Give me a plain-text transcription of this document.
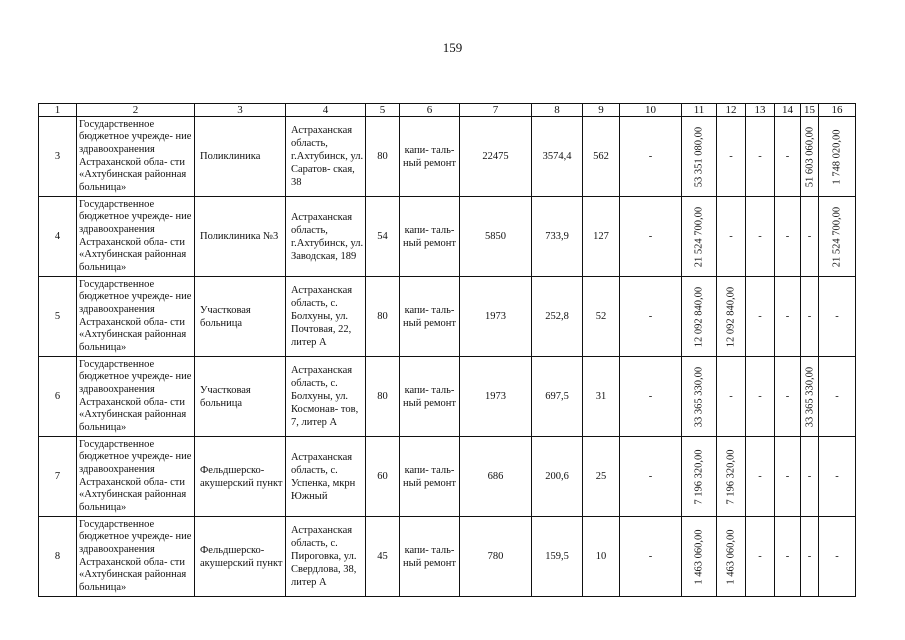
159
1	2	3	4	5	6	7	8	9	10	11	12	13	14	15	16
3	Государственное бюджетное учрежде- ние здравоохранения Астраханской обла- сти «Ахтубинская районная больница»	Поликлиника	Астраханская область, г.Ахтубинск, ул. Саратов- ская, 38	80	капи- таль- ный ремонт	22475	3574,4	562	-	53 351 080,00	-	-	-	51 603 060,00	1 748 020,00

4	Государственное бюджетное учрежде- ние здравоохранения Астраханской обла- сти «Ахтубинская районная больница»	Поликлиника №3	Астраханская область, г.Ахтубинск, ул. Заводская, 189	54	капи- таль- ный ремонт	5850	733,9	127	-	21 524 700,00	-	-	-	-	21 524 700,00

5	Государственное бюджетное учрежде- ние здравоохранения Астраханской обла- сти «Ахтубинская районная больница»	Участковая больница	Астраханская область, с. Болхуны, ул. Почтовая, 22, литер А	80	капи- таль- ный ремонт	1973	252,8	52	-	12 092 840,00	12 092 840,00	-	-	-	-
6	Государственное бюджетное учрежде- ние здравоохранения Астраханской обла- сти «Ахтубинская районная больница»	Участковая больница	Астраханская область, с. Болхуны, ул. Космонав- тов, 7, литер А	80	капи- таль- ный ремонт	1973	697,5	31	-	33 365 330,00	-	-	-	33 365 330,00	-
7	Государственное бюджетное учрежде- ние здравоохранения Астраханской обла- сти «Ахтубинская районная больница»	Фельдшерско- акушерский пункт	Астраханская область, с. Успенка, мкрн Южный	60	капи- таль- ный ремонт	686	200,6	25	-	7 196 320,00	7 196 320,00	-	-	-	-
8	Государственное бюджетное учрежде- ние здравоохранения Астраханской обла- сти «Ахтубинская районная больница»	Фельдшерско- акушерский пункт	Астраханская область, с. Пироговка, ул. Свердлова, 38, литер А	45	капи- таль- ный ремонт	780	159,5	10	-	1 463 060,00	1 463 060,00	-	-	-	-
